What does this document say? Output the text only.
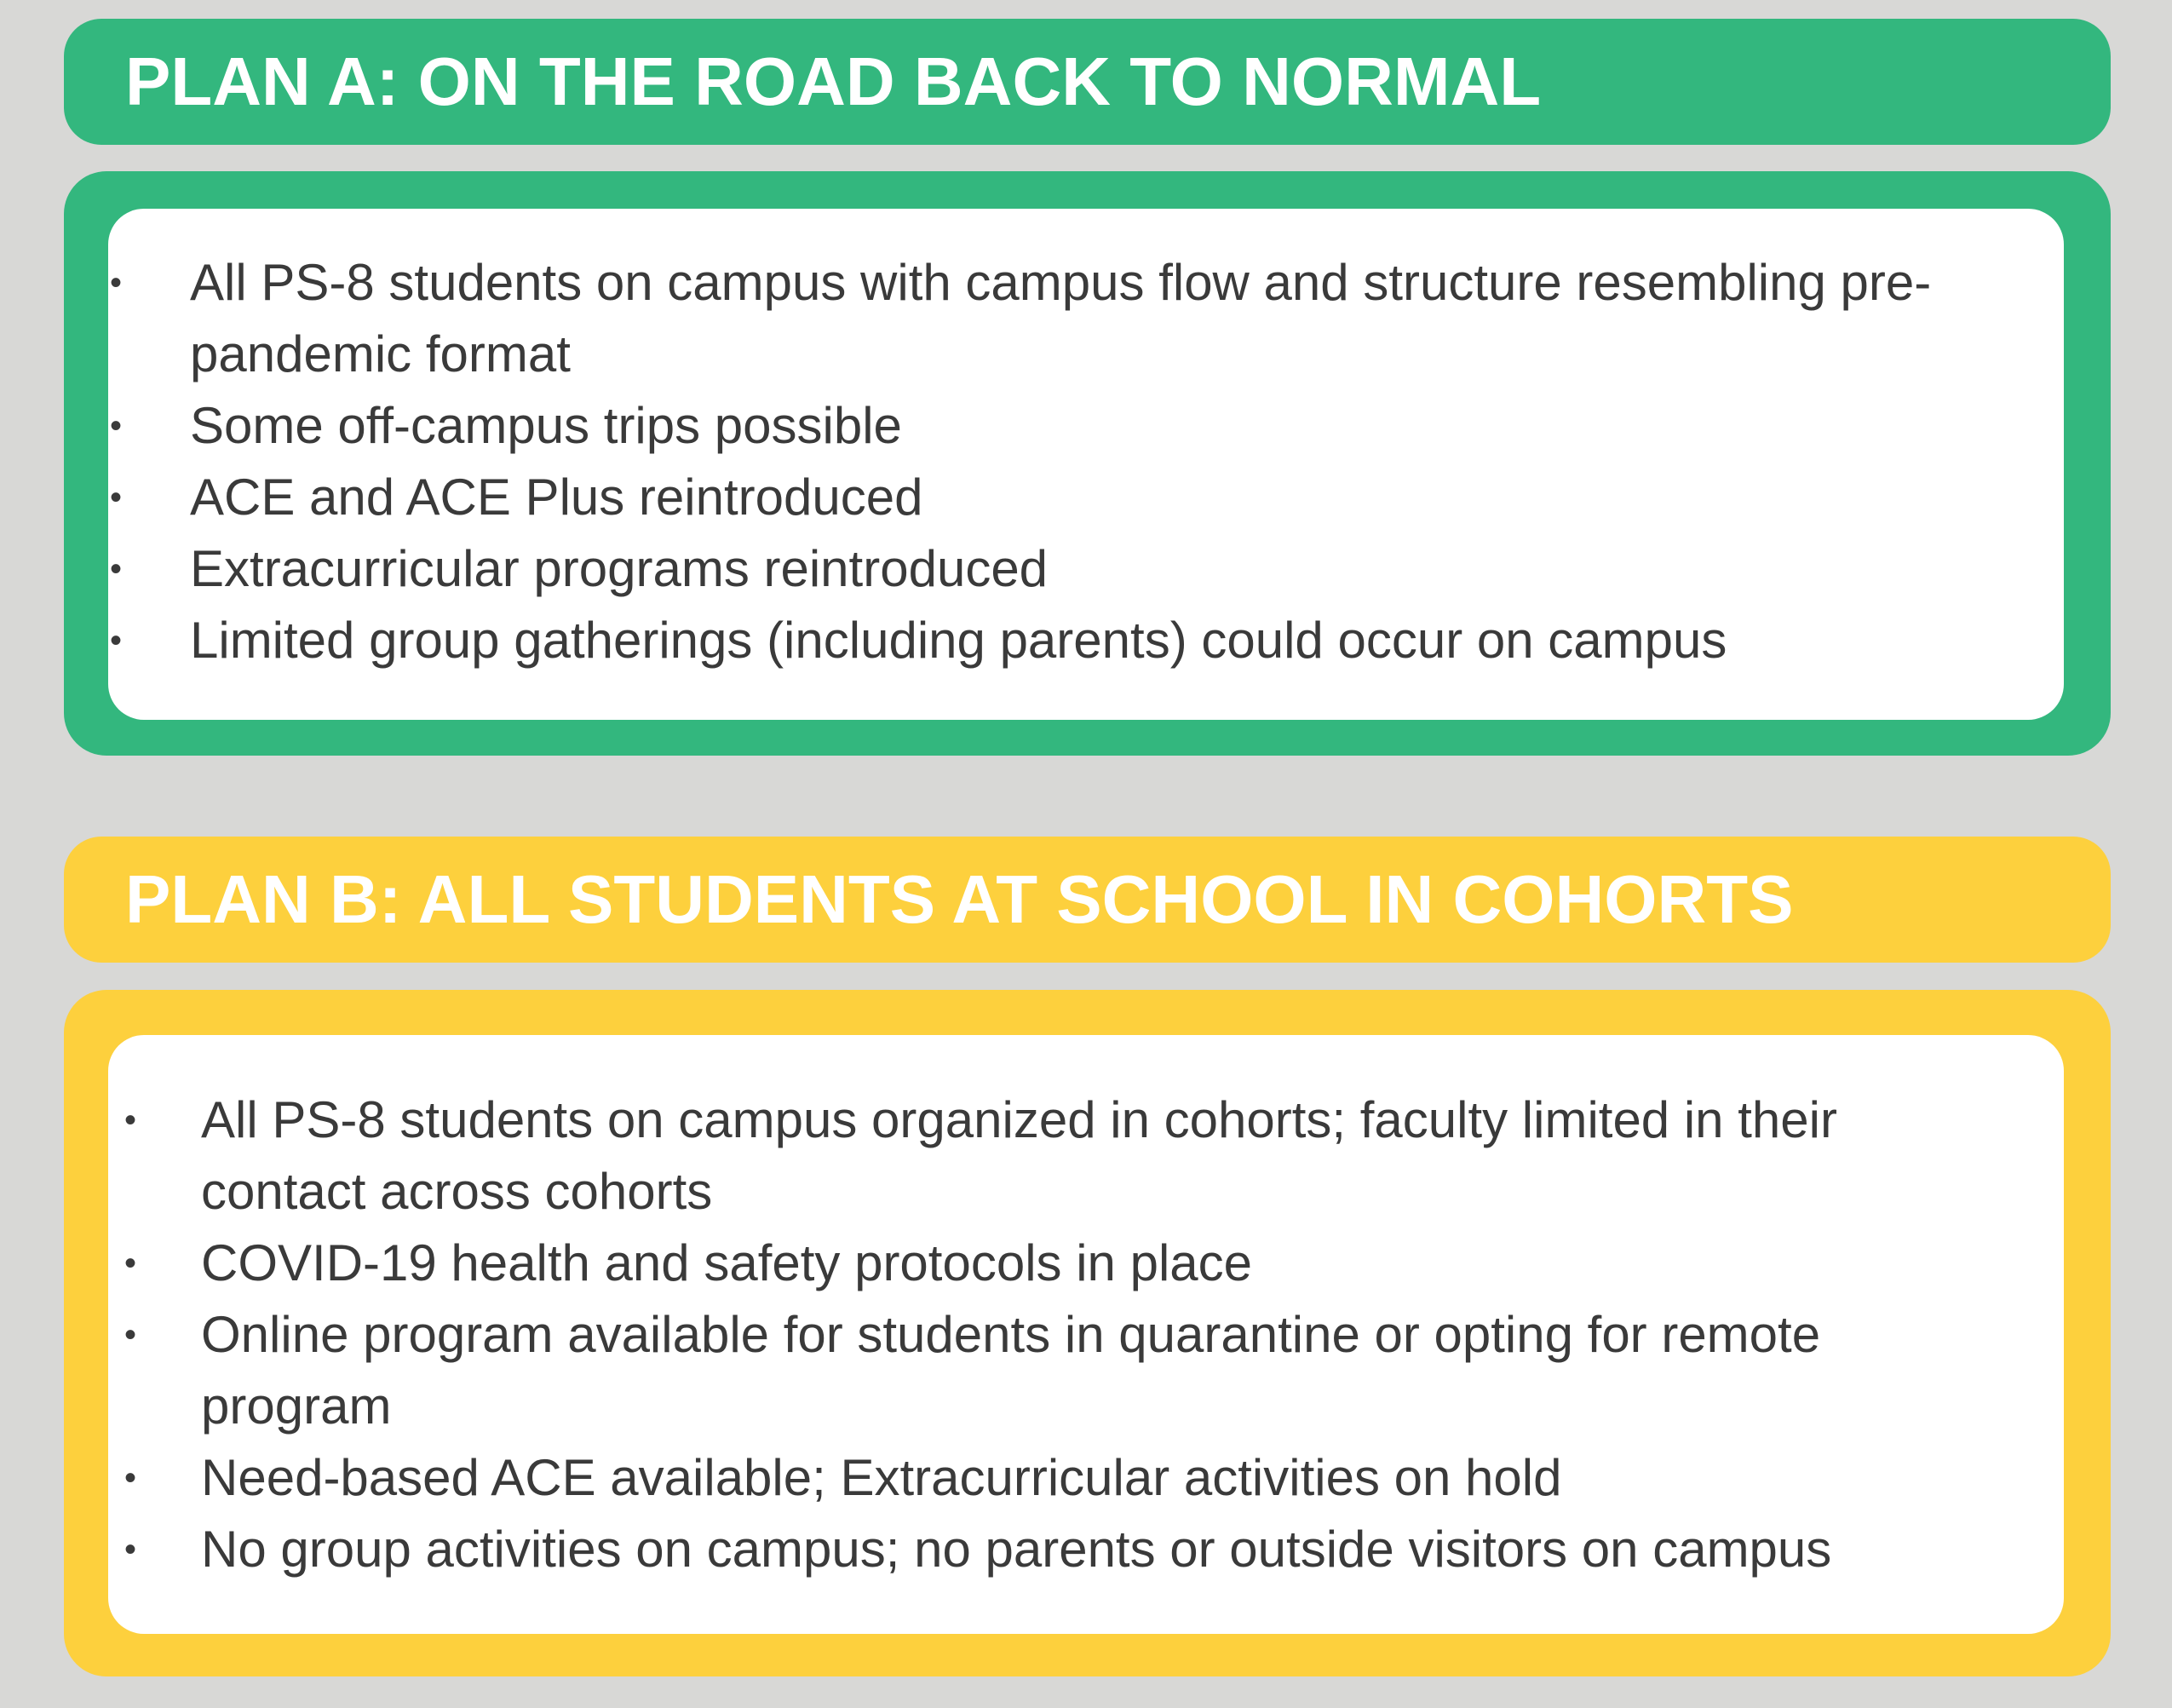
PLAN A: ON THE ROAD BACK TO NORMAL
• All PS-8 students on campus with campus flow and structure resembling pre-pandemic format
• Some off-campus trips possible
• ACE and ACE Plus reintroduced
• Extracurricular programs reintroduced
• Limited group gatherings (including parents) could occur on campus
PLAN B: ALL STUDENTS AT SCHOOL IN COHORTS
• All PS-8 students on campus organized in cohorts; faculty limited in their contact across cohorts
• COVID-19 health and safety protocols in place
• Online program available for students in quarantine or opting for remote program
• Need-based ACE available; Extracurricular activities on hold
• No group activities on campus; no parents or outside visitors on campus
